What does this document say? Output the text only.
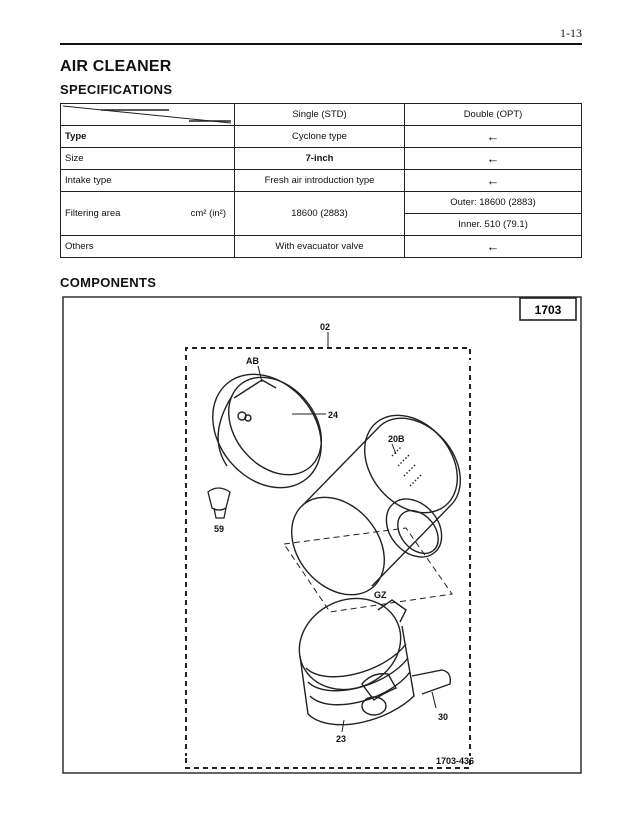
1-13
AIR CLEANER
SPECIFICATIONS
	Single (STD)	Double (OPT)
Type	Cyclone type	←
Size	7-inch	←
Intake type	Fresh air introduction type	←
Filtering area cm² (in²)	18600 (2883)	Outer: 18600 (2883)
		Inner. 510 (79.1)
Others	With evacuator valve	←
COMPONENTS
1703
02
AB
24
20B
59
GZ
30
23
1703-436
